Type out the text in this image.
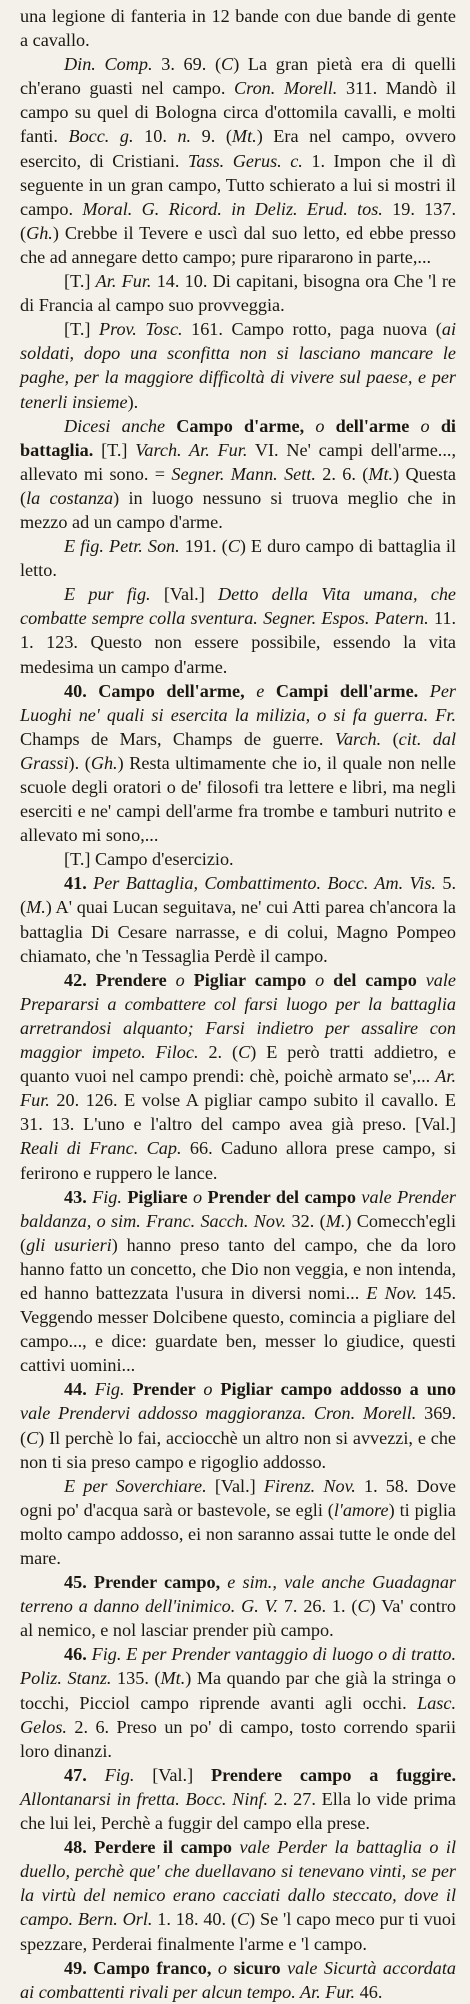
una legione di fanteria in 12 bande con due bande di gente a cavallo.

Din. Comp. 3. 69. (C) La gran pietà era di quelli ch'erano guasti nel campo. Cron. Morell. 311. Mandò il campo su quel di Bologna circa d'ottomila cavalli, e molti fanti. Bocc. g. 10. n. 9. (Mt.) Era nel campo, ovvero esercito, di Cristiani. Tass. Gerus. c. 1. Impon che il dì seguente in un gran campo, Tutto schierato a lui si mostri il campo. Moral. G. Ricord. in Deliz. Erud. tos. 19. 137. (Gh.) Crebbe il Tevere e uscì dal suo letto, ed ebbe presso che ad annegare detto campo; pure ripararono in parte,...

[T.] Ar. Fur. 14. 10. Di capitani, bisogna ora Che 'l re di Francia al campo suo provveggia.

[T.] Prov. Tosc. 161. Campo rotto, paga nuova (ai soldati, dopo una sconfitta non si lasciano mancare le paghe, per la maggiore difficoltà di vivere sul paese, e per tenerli insieme).

Dicesi anche Campo d'arme, o dell'arme o di battaglia. [T.] Varch. Ar. Fur. VI. Ne' campi dell'arme..., allevato mi sono. = Segner. Mann. Sett. 2. 6. (Mt.) Questa (la costanza) in luogo nessuno si truova meglio che in mezzo ad un campo d'arme.

E fig. Petr. Son. 191. (C) E duro campo di battaglia il letto.

E pur fig. [Val.] Detto della Vita umana, che combatte sempre colla sventura. Segner. Espos. Patern. 11. 1. 123. Questo non essere possibile, essendo la vita medesima un campo d'arme.

40. Campo dell'arme, e Campi dell'arme. Per Luoghi ne' quali si esercita la milizia, o si fa guerra. Fr. Champs de Mars, Champs de guerre. Varch. (cit. dal Grassi). (Gh.) Resta ultimamente che io, il quale non nelle scuole degli oratori o de' filosofi tra lettere e libri, ma negli eserciti e ne' campi dell'arme fra trombe e tamburi nutrito e allevato mi sono,...

[T.] Campo d'esercizio.

41. Per Battaglia, Combattimento. Bocc. Am. Vis. 5. (M.) A' quai Lucan seguitava, ne' cui Atti parea ch'ancora la battaglia Di Cesare narrasse, e di colui, Magno Pompeo chiamato, che 'n Tessaglia Perdè il campo.

42. Prendere o Pigliar campo o del campo vale Prepararsi a combattere col farsi luogo per la battaglia arretrandosi alquanto; Farsi indietro per assalire con maggior impeto. Filoc. 2. (C) E però tratti addietro, e quanto vuoi nel campo prendi: chè, poichè armato se',... Ar. Fur. 20. 126. E volse A pigliar campo subito il cavallo. E 31. 13. L'uno e l'altro del campo avea già preso. [Val.] Reali di Franc. Cap. 66. Caduno allora prese campo, si ferirono e ruppero le lance.

43. Fig. Pigliare o Prender del campo vale Prender baldanza, o sim. Franc. Sacch. Nov. 32. (M.) Comecch'egli (gli usurieri) hanno preso tanto del campo, che da loro hanno fatto un concetto, che Dio non veggia, e non intenda, ed hanno battezzata l'usura in diversi nomi... E Nov. 145. Veggendo messer Dolcibene questo, comincia a pigliare del campo..., e dice: guardate ben, messer lo giudice, questi cattivi uomini...

44. Fig. Prender o Pigliar campo addosso a uno vale Prendervi addosso maggioranza. Cron. Morell. 369. (C) Il perchè lo fai, acciocchè un altro non si avvezzi, e che non ti sia preso campo e rigoglio addosso.

E per Soverchiare. [Val.] Firenz. Nov. 1. 58. Dove ogni po' d'acqua sarà or bastevole, se egli (l'amore) ti piglia molto campo addosso, ei non saranno assai tutte le onde del mare.

45. Prender campo, e sim., vale anche Guadagnar terreno a danno dell'inimico. G. V. 7. 26. 1. (C) Va' contro al nemico, e nol lasciar prender più campo.

46. Fig. E per Prender vantaggio di luogo o di tratto. Poliz. Stanz. 135. (Mt.) Ma quando par che già la stringa o tocchi, Picciol campo riprende avanti agli occhi. Lasc. Gelos. 2. 6. Preso un po' di campo, tosto correndo sparii loro dinanzi.

47. Fig. [Val.] Prendere campo a fuggire. Allontanarsi in fretta. Bocc. Ninf. 2. 27. Ella lo vide prima che lui lei, Perchè a fuggir del campo ella prese.

48. Perdere il campo vale Perder la battaglia o il duello, perchè que' che duellavano si tenevano vinti, se per la virtù del nemico erano cacciati dallo steccato, dove il campo. Bern. Orl. 1. 18. 40. (C) Se 'l capo meco pur ti vuoi spezzare, Perderai finalmente l'arme e 'l campo.

49. Campo franco, o sicuro vale Sicurtà accordata ai combattenti rivali per alcun tempo. Ar. Fur. 46.
